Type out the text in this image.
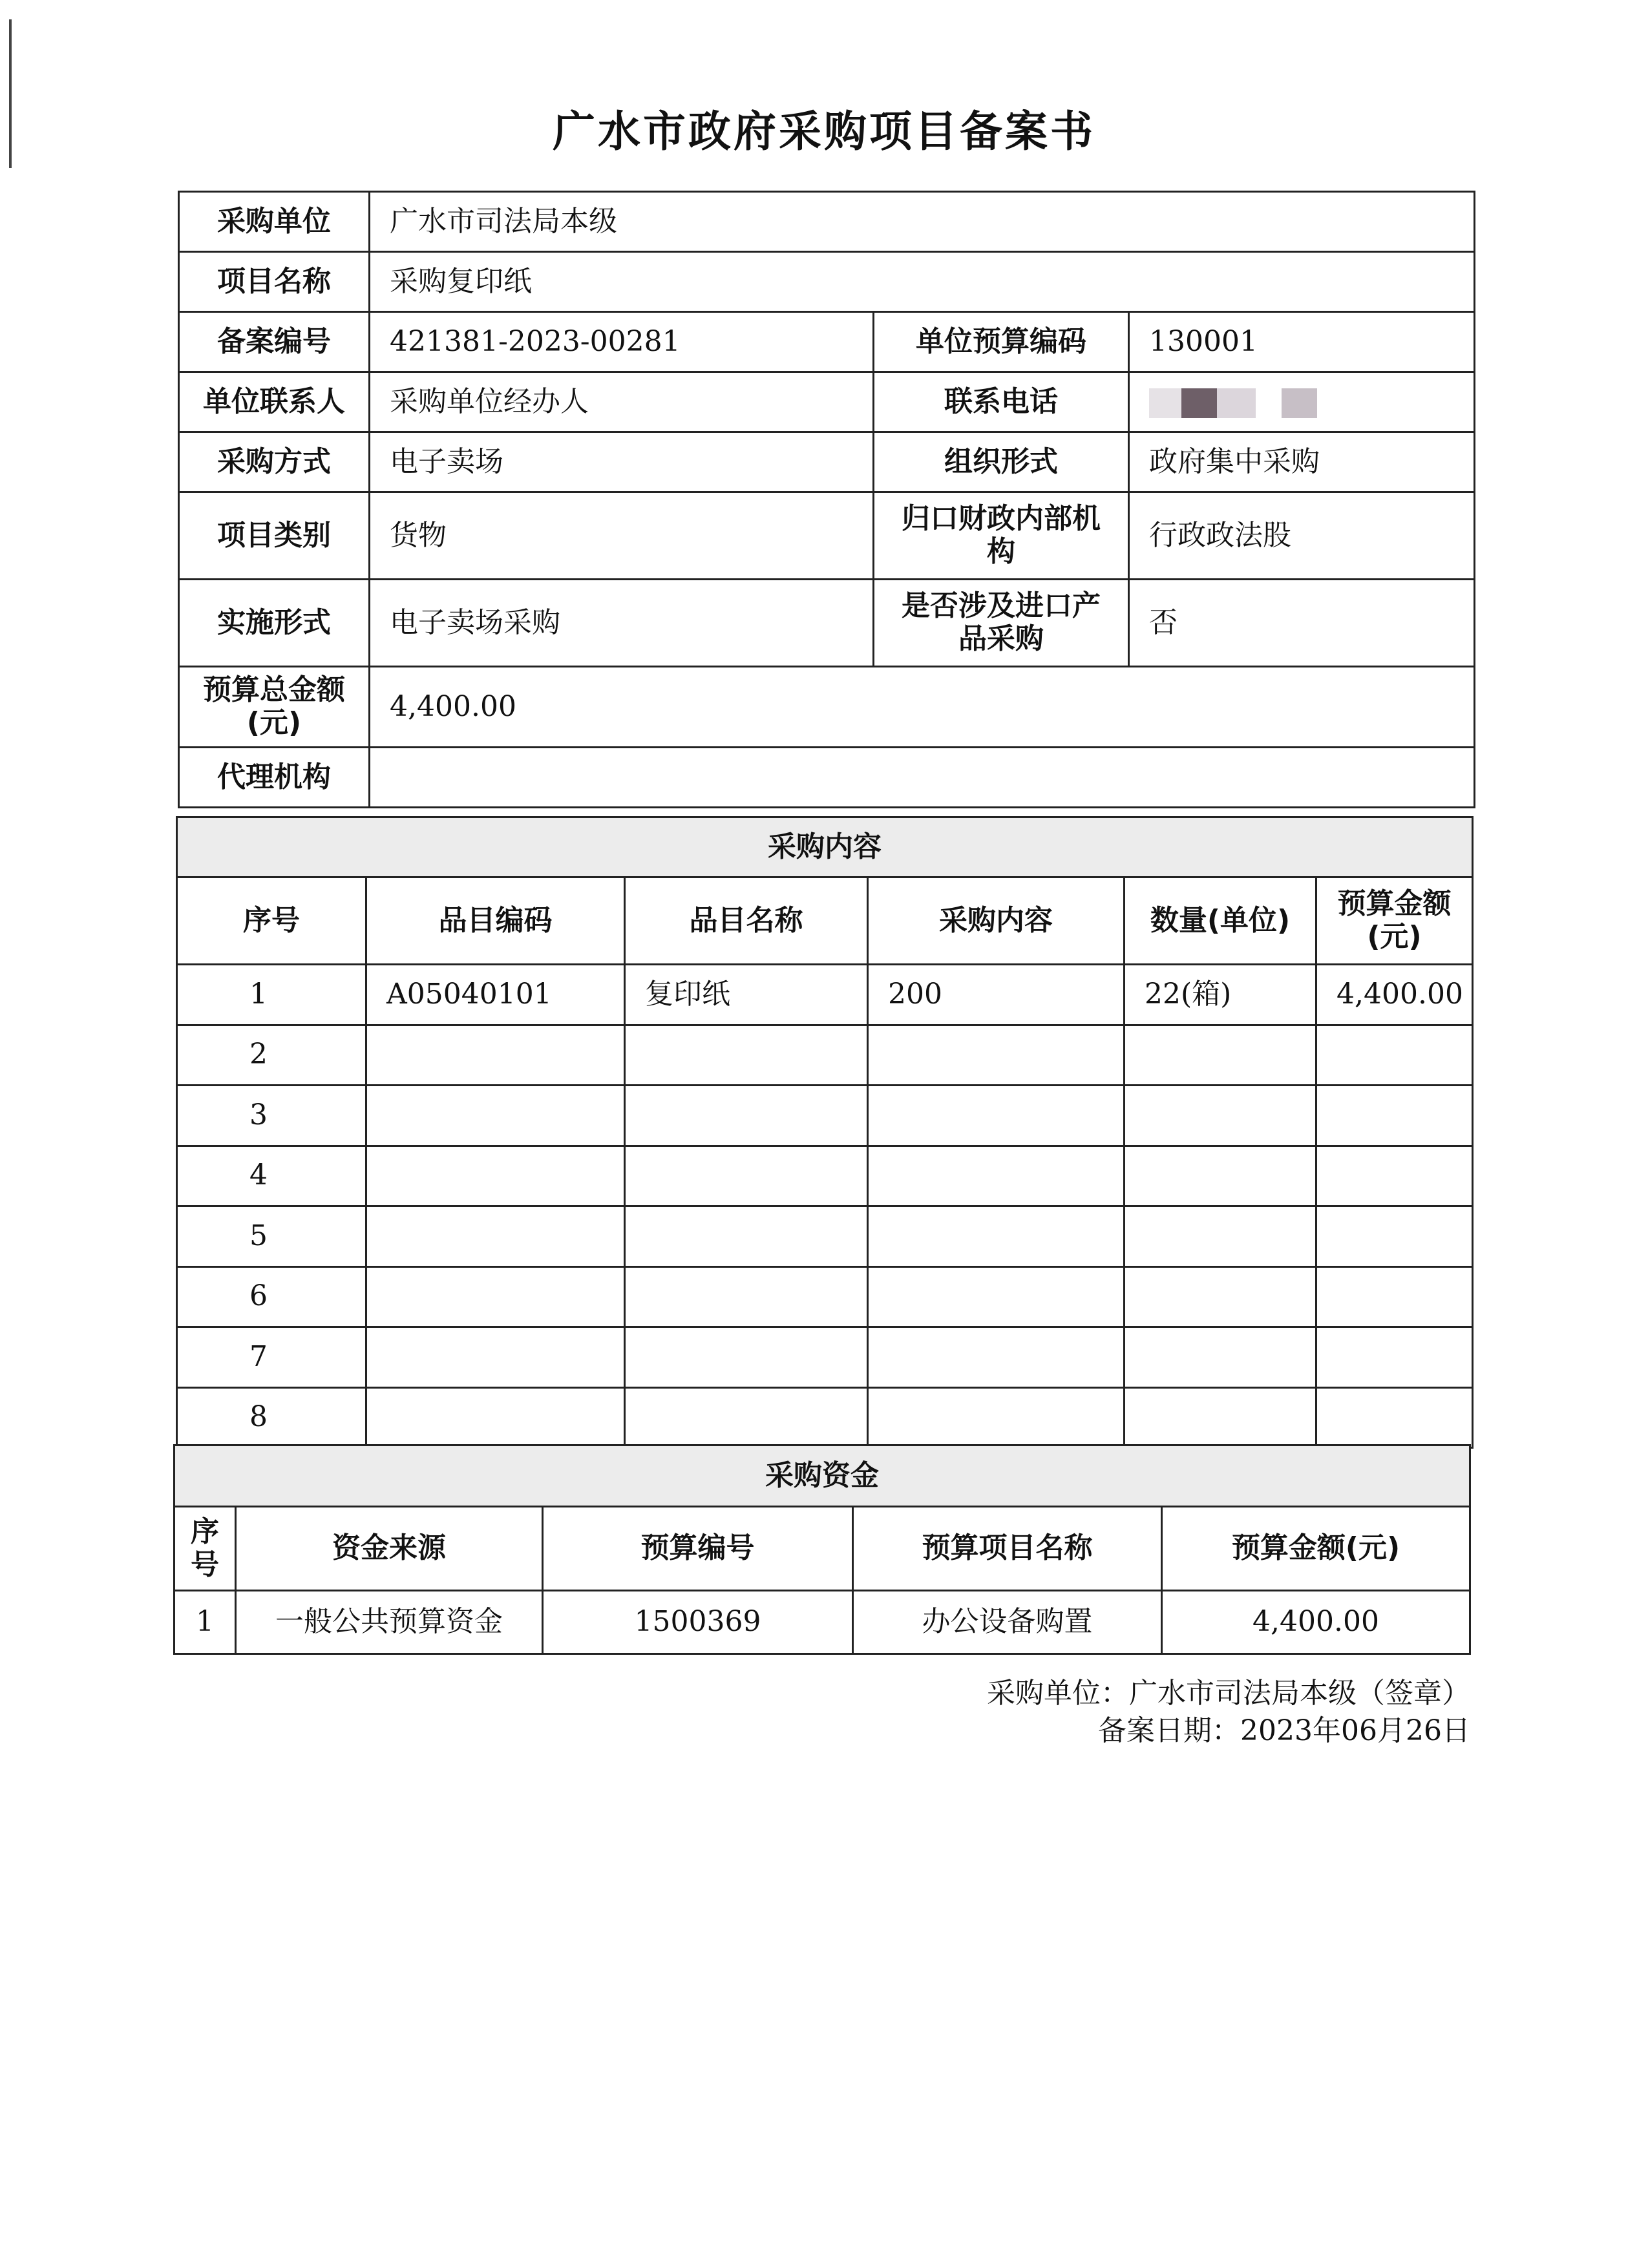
广水市政府采购项目备案书
采购单位	广水市司法局本级		
项目名称	采购复印纸		
备案编号	421381-2023-00281	单位预算编码	130001
单位联系人	采购单位经办人	联系电话	

采购方式	电子卖场	组织形式	政府集中采购
项目类别	货物	归口财政内部机构	行政政法股
实施形式	电子卖场采购	是否涉及进口产品采购	否
预算总金额(元)	4,400.00		
代理机构			
采购内容					
序号	品目编码	品目名称	采购内容	数量(单位)	预算金额(元)
1	A05040101	复印纸	200	22(箱)	4,400.00
2					
3					
4					
5					
6					
7					
8					
采购资金				
序号	资金来源	预算编号	预算项目名称	预算金额(元)
1	一般公共预算资金	1500369	办公设备购置	4,400.00
采购单位：广水市司法局本级（签章）
备案日期：2023年06月26日
